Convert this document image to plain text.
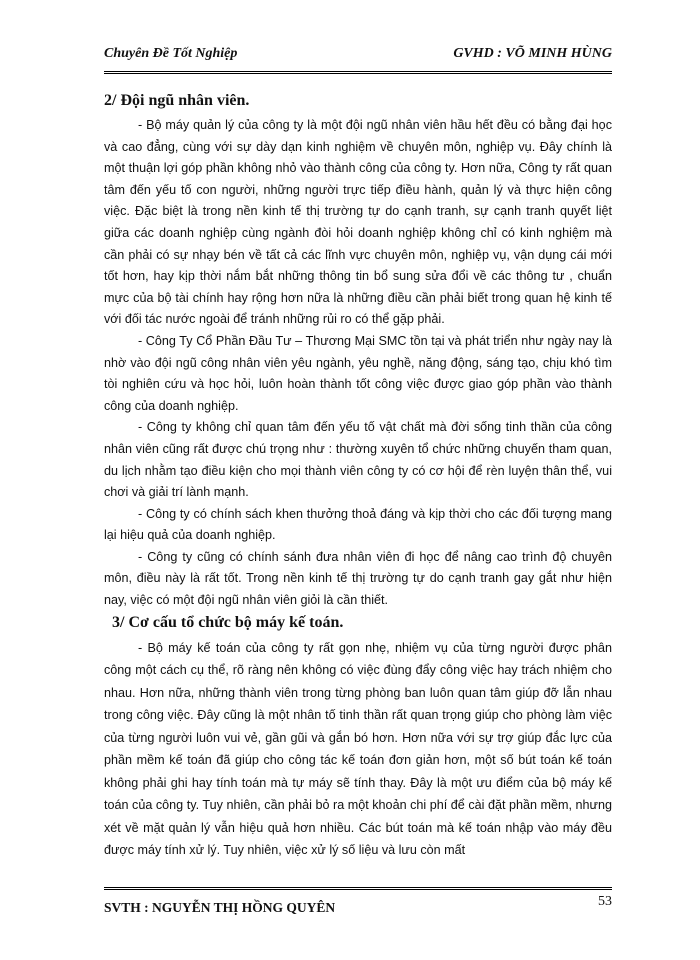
Chuyên Đề Tốt Nghiệp	GVHD : VÕ MINH HÙNG
2/ Đội ngũ nhân viên.

- Bộ máy quản lý của công ty là một đội ngũ nhân viên hầu hết đều có bằng đại học và cao đẳng, cùng với sự dày dạn kinh nghiệm về chuyên môn, nghiệp vụ. Đây chính là một thuận lợi góp phần không nhỏ vào thành công của công ty. Hơn nữa, Công ty rất quan tâm đến yếu tố con người, những người trực tiếp điều hành, quản lý và thực hiện công việc. Đặc biệt là trong nền kinh tế thị trường tự do cạnh tranh, sự cạnh tranh quyết liệt giữa các doanh nghiệp cùng ngành đòi hỏi doanh nghiệp không chỉ có kinh nghiệm mà cần phải có sự nhạy bén về tất cả các lĩnh vực chuyên môn, nghiệp vụ, vận dụng cái mới tốt hơn, hay kịp thời nắm bắt những thông tin bổ sung sửa đổi về các thông tư , chuẩn mực của bộ tài chính hay rộng hơn nữa là những điều cần phải biết trong quan hệ kinh tế với đối tác nước ngoài để tránh những rủi ro có thể gặp phải.

- Công Ty Cổ Phần Đầu Tư – Thương Mại SMC tồn tại và phát triển như ngày nay là nhờ vào đội ngũ công nhân viên yêu ngành, yêu nghề, năng động, sáng tạo, chịu khó tìm tòi nghiên cứu và học hỏi, luôn hoàn thành tốt công việc được giao góp phần vào thành công của doanh nghiệp.

- Công ty không chỉ quan tâm đến yếu tố vật chất mà đời sống tinh thần của công nhân viên cũng rất được chú trọng như : thường xuyên tổ chức những chuyến tham quan, du lịch nhằm tạo điều kiện cho mọi thành viên công ty có cơ hội để rèn luyện thân thể, vui chơi và giải trí lành mạnh.

- Công ty có chính sách khen thưởng thoả đáng và kịp thời cho các đối tượng mang lại hiệu quả của doanh nghiệp.

- Công ty cũng có chính sánh đưa nhân viên đi học để nâng cao trình độ chuyên môn, điều này là rất tốt. Trong nền kinh tế thị trường tự do cạnh tranh gay gắt như hiện nay, việc có một đội ngũ nhân viên giỏi là cần thiết.

3/ Cơ cấu tổ chức bộ máy kế toán.

- Bộ máy kế toán của công ty rất gọn nhẹ, nhiệm vụ của từng người được phân công một cách cụ thể, rõ ràng nên không có việc đùng đẩy công việc hay trách nhiệm cho nhau. Hơn nữa, những thành viên trong từng phòng ban luôn quan tâm giúp đỡ lẫn nhau trong công việc. Đây cũng là một nhân tố tinh thần rất quan trọng giúp cho phòng làm việc của từng người luôn vui vẻ, gần gũi và gắn bó hơn. Hơn nữa với sự trợ giúp đắc lực của phần mềm kế toán đã giúp cho công tác kế toán đơn giản hơn, một số bút toán kế toán không phải ghi hay tính toán mà tự máy sẽ tính thay. Đây là một ưu điểm của bộ máy kế toán của công ty. Tuy nhiên, cần phải bỏ ra một khoản chi phí để cài đặt phần mềm, nhưng xét về mặt quản lý vẫn hiệu quả hơn nhiều. Các bút toán mà kế toán nhập vào máy đều được máy tính xử lý. Tuy nhiên, việc xử lý số liệu và lưu còn mất

SVTH : NGUYỄN THỊ HỒNG QUYÊN	53
